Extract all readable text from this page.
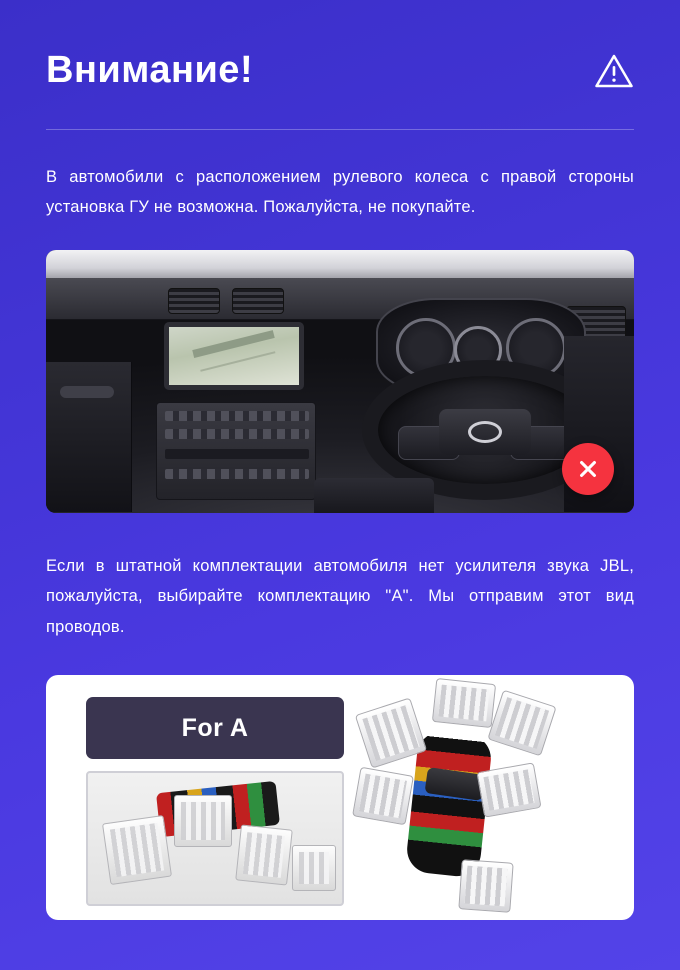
Внимание!

В автомобили с расположением рулевого колеса с правой стороны установка ГУ не возможна. Пожалуйста, не покупайте.

Если в штатной комплектации автомобиля нет усилителя звука JBL, пожалуйста, выбирайте комплектацию "A". Мы отправим этот вид проводов.

For A
